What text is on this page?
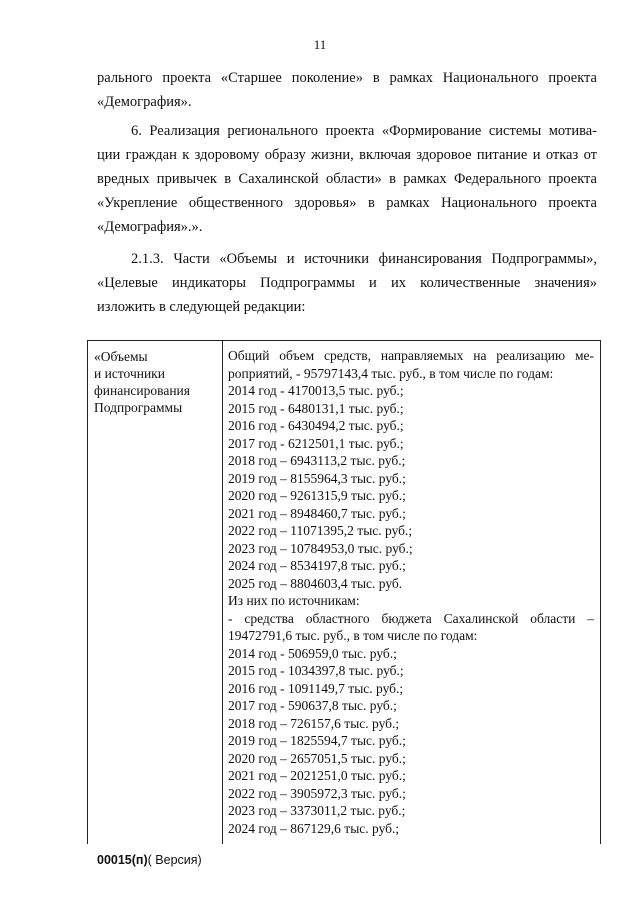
11
рального проекта «Старшее поколение» в рамках Национального проекта
«Демография».
6. Реализация регионального проекта «Формирование системы мотива-
ции граждан к здоровому образу жизни, включая здоровое питание и отказ от
вредных привычек в Сахалинской области» в рамках Федерального проекта
«Укрепление общественного здоровья» в рамках Национального проекта
«Демография».».
2.1.3. Части «Объемы и источники финансирования Подпрограммы»,
«Целевые индикаторы Подпрограммы и их количественные значения»
изложить в следующей редакции:
«Объемы
и источники
финансирования
Подпрограммы
Общий объем средств, направляемых на реализацию ме-
роприятий, - 95797143,4 тыс. руб., в том числе по годам:
2014 год - 4170013,5 тыс. руб.;
2015 год - 6480131,1 тыс. руб.;
2016 год - 6430494,2 тыс. руб.;
2017 год - 6212501,1 тыс. руб.;
2018 год – 6943113,2 тыс. руб.;
2019 год – 8155964,3 тыс. руб.;
2020 год – 9261315,9 тыс. руб.;
2021 год – 8948460,7 тыс. руб.;
2022 год – 11071395,2 тыс. руб.;
2023 год – 10784953,0 тыс. руб.;
2024 год – 8534197,8 тыс. руб.;
2025 год – 8804603,4 тыс. руб.
Из них по источникам:
- средства областного бюджета Сахалинской области –
19472791,6 тыс. руб., в том числе по годам:
2014 год - 506959,0 тыс. руб.;
2015 год - 1034397,8 тыс. руб.;
2016 год - 1091149,7 тыс. руб.;
2017 год - 590637,8 тыс. руб.;
2018 год – 726157,6 тыс. руб.;
2019 год – 1825594,7 тыс. руб.;
2020 год – 2657051,5 тыс. руб.;
2021 год – 2021251,0 тыс. руб.;
2022 год – 3905972,3 тыс. руб.;
2023 год – 3373011,2 тыс. руб.;
2024 год – 867129,6 тыс. руб.;
00015(п)( Версия)
